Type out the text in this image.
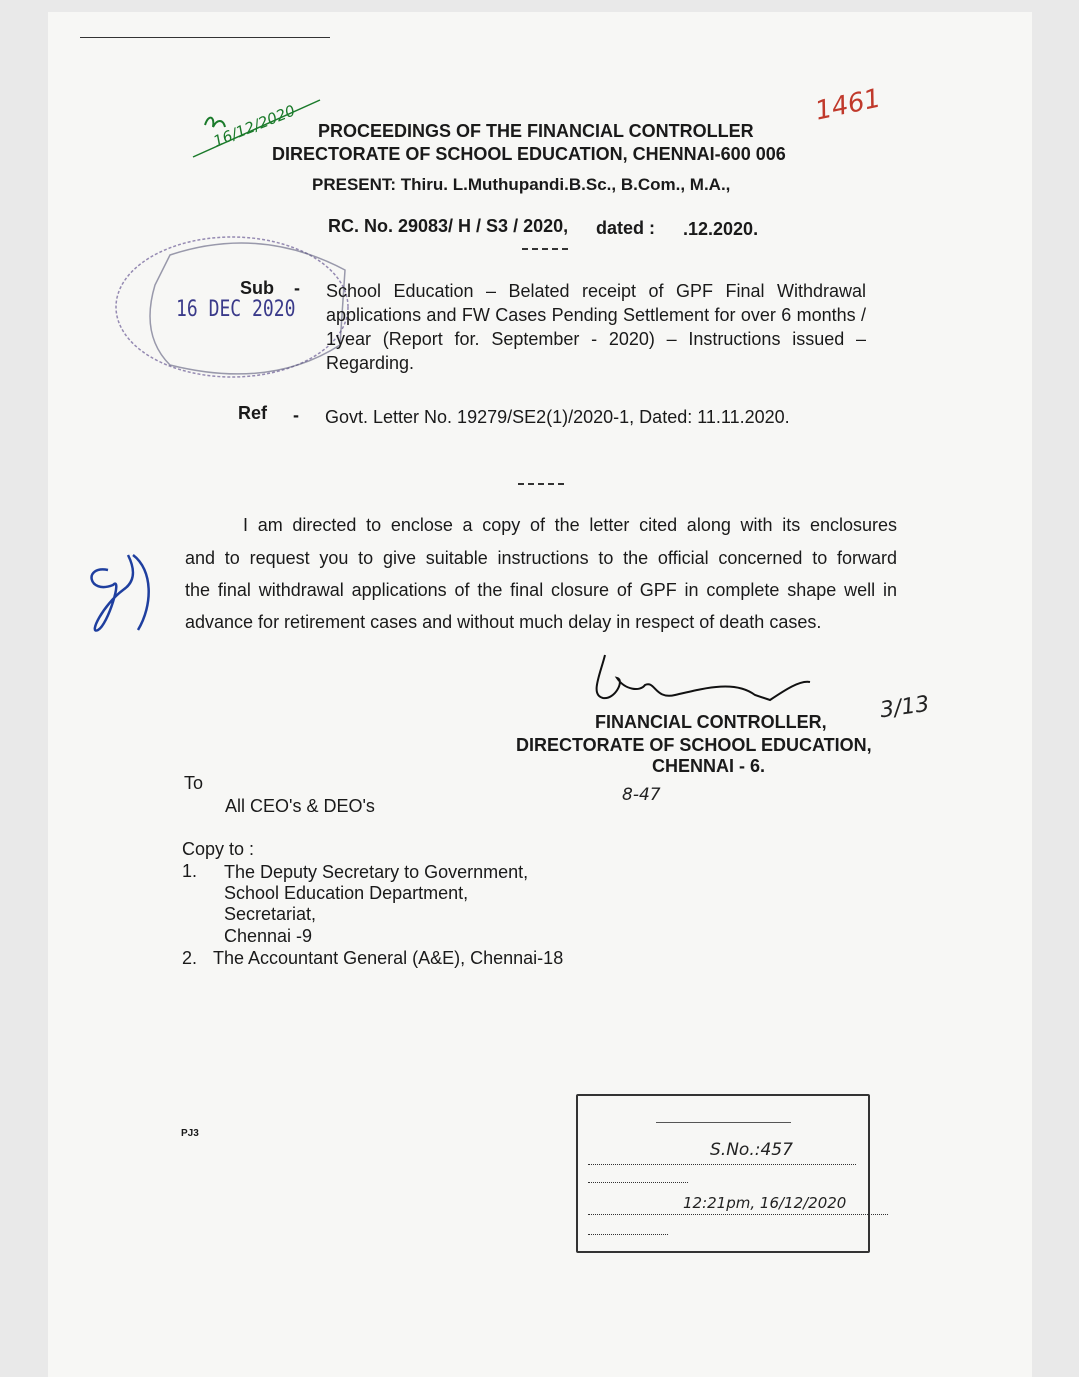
16/12/2020	1461
PROCEEDINGS OF THE FINANCIAL CONTROLLER
DIRECTORATE OF SCHOOL EDUCATION, CHENNAI-600 006
PRESENT: Thiru. L.Muthupandi.B.Sc., B.Com., M.A.,
RC. No. 29083/ H / S3 / 2020, dated : .12.2020.
16 DEC 2020
Sub - School Education – Belated receipt of GPF Final Withdrawal applications and FW Cases Pending Settlement for over 6 months / 1year (Report for. September - 2020) – Instructions issued – Regarding.
Ref - Govt. Letter No. 19279/SE2(1)/2020-1, Dated: 11.11.2020.
I am directed to enclose a copy of the letter cited along with its enclosures
and to request you to give suitable instructions to the official concerned to forward
the final withdrawal applications of the final closure of GPF in complete shape well in
advance for retirement cases and without much delay in respect of death cases.
3/13
FINANCIAL CONTROLLER,
DIRECTORATE OF SCHOOL EDUCATION,
CHENNAI - 6.
8-47
To
All CEO's & DEO's
Copy to :
1. The Deputy Secretary to Government,
School Education Department,
Secretariat,
Chennai -9
2. The Accountant General (A&E), Chennai-18
PJ3
S.No.:457
12:21pm, 16/12/2020
